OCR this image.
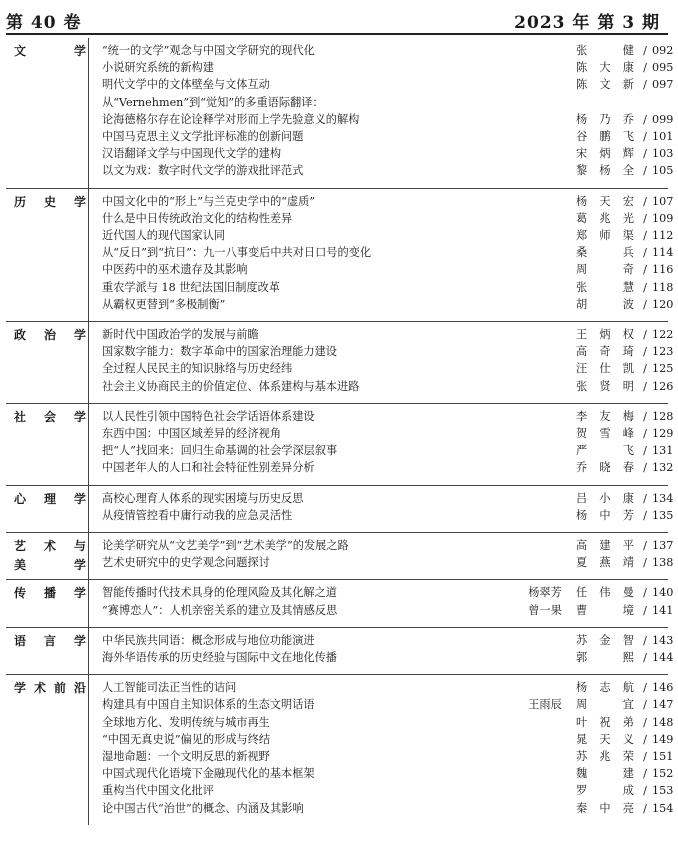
第 40 卷	2023 年 第 3 期
文　学 “统一的文学”观念与中国文学研究的现代化	张健 / 092
小说研究系统的新构建	陈大康 / 095
明代文学中的文体壁垒与文体互动	陈文新 / 097
从“Vernehmen”到“觉知”的多重语际翻译：
论海德格尔存在论诠释学对形而上学先验意义的解构	杨乃乔 / 099
中国马克思主义文学批评标准的创新问题	谷鹏飞 / 101
汉语翻译文学与中国现代文学的建构	宋炳辉 / 103
以文为戏：数字时代文学的游戏批评范式	黎杨全 / 105
历史学 中国文化中的“形上”与兰克史学中的“虚质”	杨天宏 / 107
什么是中日传统政治文化的结构性差异	葛兆光 / 109
近代国人的现代国家认同	郑师渠 / 112
从“反日”到“抗日”：九一八事变后中共对日口号的变化	桑兵 / 114
中医药中的巫术遗存及其影响	周奇 / 116
重农学派与 18 世纪法国旧制度改革	张慧 / 118
从霸权更替到“多极制衡”	胡波 / 120
政治学 新时代中国政治学的发展与前瞻	王炳权 / 122
国家数字能力：数字革命中的国家治理能力建设	高奇琦 / 123
全过程人民民主的知识脉络与历史经纬	汪仕凯 / 125
社会主义协商民主的价值定位、体系建构与基本进路	张贤明 / 126
社会学 以人民性引领中国特色社会学话语体系建设	李友梅 / 128
东西中国：中国区域差异的经济视角	贺雪峰 / 129
把“人”找回来：回归生命基调的社会学深层叙事	严飞 / 131
中国老年人的人口和社会特征性别差异分析	乔晓春 / 132
心理学 高校心理育人体系的现实困境与历史反思	吕小康 / 134
从疫情管控看中庸行动我的应急灵活性	杨中芳 / 135
艺术与
美　学
论美学研究从“文艺美学”到“艺术美学”的发展之路	高建平 / 137
艺术史研究中的史学观念问题探讨	夏燕靖 / 138
传播学 智能传播时代技术具身的伦理风险及其化解之道	杨翠芳	任伟曼 / 140
“赛博恋人”：人机亲密关系的建立及其情感反思	曾一果	曹境 / 141
语言学 中华民族共同语：概念形成与地位功能演进	苏金智 / 143
海外华语传承的历史经验与国际中文在地化传播	郭熙 / 144
学术前沿 人工智能司法正当性的诘问	杨志航 / 146
构建具有中国自主知识体系的生态文明话语	王雨辰	周宜 / 147
全球地方化、发明传统与城市再生	叶祝弟 / 148
“中国无真史说”偏见的形成与终结	晁天义 / 149
湿地命题：一个文明反思的新视野	苏兆荣 / 151
中国式现代化语境下金融现代化的基本框架	魏建 / 152
重构当代中国文化批评	罗成 / 153
论中国古代“治世”的概念、内涵及其影响	秦中亮 / 154
